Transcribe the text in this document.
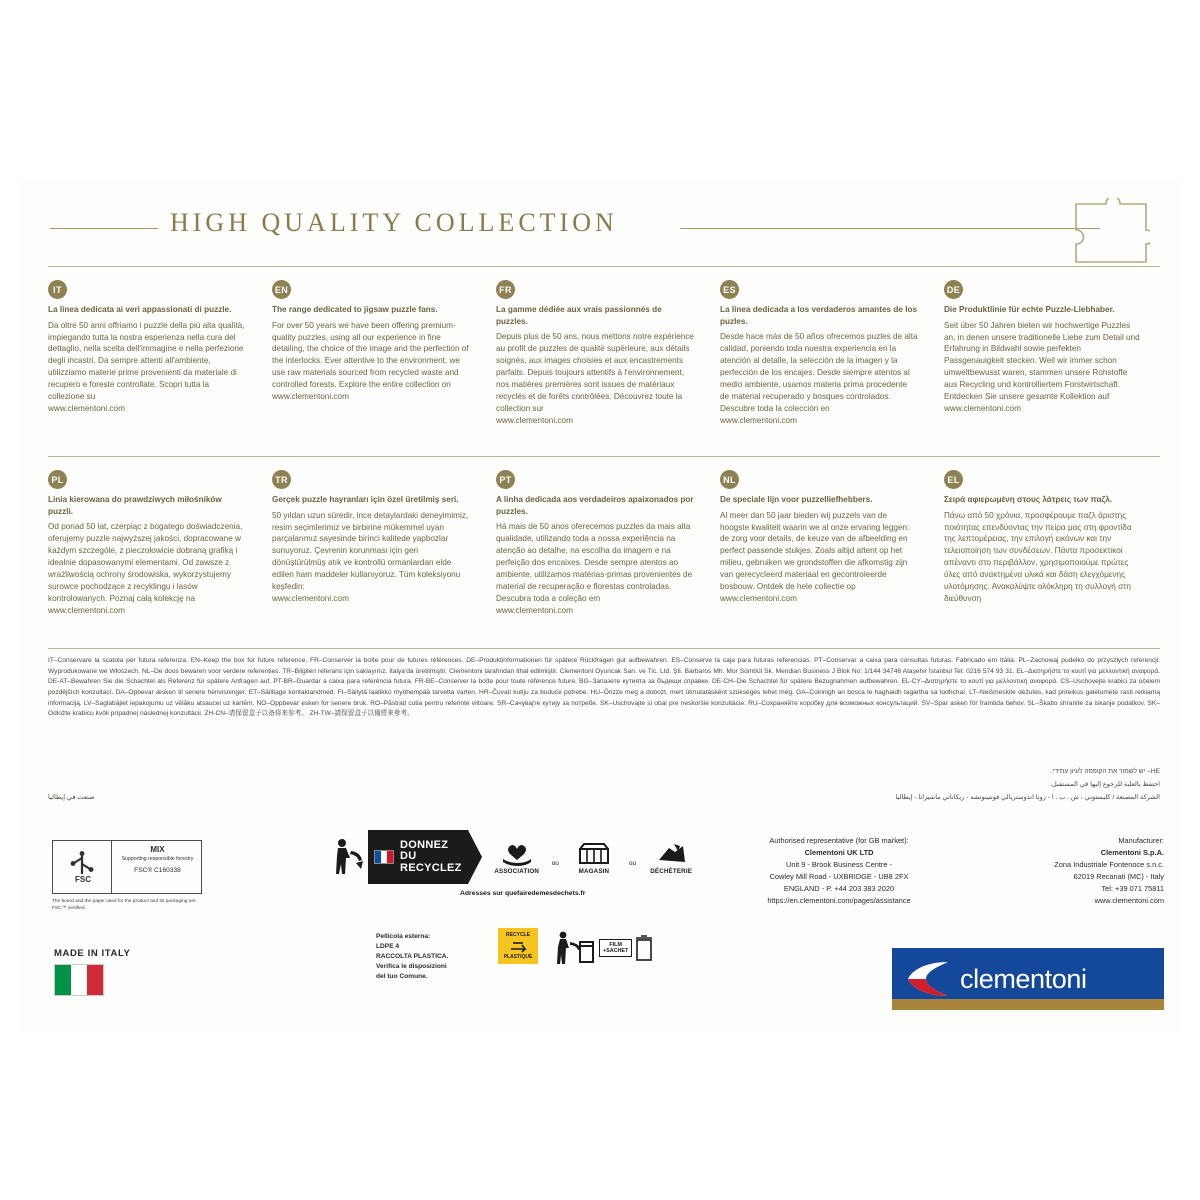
HIGH QUALITY COLLECTION
IT
La linea dedicata ai veri appassionati di puzzle.
Da oltre 50 anni offriamo i puzzle della più alta qualità, impiegando tutta la nostra esperienza nella cura del dettaglio, nella scelta dell'immagine e nella perfezione degli incastri. Da sempre attenti all'ambiente, utilizziamo materie prime provenienti da materiale di recupero e foreste controllate. Scopri tutta la collezione su
www.clementoni.com
EN
The range dedicated to jigsaw puzzle fans.
For over 50 years we have been offering premium-quality puzzles, using all our experience in fine detailing, the choice of the image and the perfection of the interlocks. Ever attentive to the environment, we use raw materials sourced from recycled waste and controlled forests. Explore the entire collection on
www.clementoni.com
FR
La gamme dédiée aux vrais passionnés de puzzles.
Depuis plus de 50 ans, nous mettons notre expérience au profit de puzzles de qualité supérieure, aux détails soignés, aux images choisies et aux encastrements parfaits. Depuis toujours attentifs à l'environnement, nos matières premières sont issues de matériaux recyclés et de forêts contrôlées. Découvrez toute la collection sur
www.clementoni.com
ES
La linea dedicada a los verdaderos amantes de los puzles.
Desde hace más de 50 años ofrecemos puzles de alta calidad, poniendo toda nuestra experiencia en la atención al detalle, la selección de la imagen y la perfección de los encajes. Desde siempre atentos al medio ambiente, usamos materia prima procedente de material recuperado y bosques controlados. Descubre toda la colección en
www.clementoni.com
DE
Die Produktlinie für echte Puzzle-Liebhaber.
Seit über 50 Jahren bieten wir hochwertige Puzzles an, in denen unsere traditionelle Liebe zum Detail und Erfahrung in Bildwahl sowie perfekten Passgenauigkeit stecken. Weil wir immer schon umweltbewusst waren, stammen unsere Rohstoffe aus Recycling und kontrolliertem Forstwirtschaft. Entdecken Sie unsere gesamte Kollektion auf
www.clementoni.com
PL
Linia kierowana do prawdziwych miłośników puzzli.
Od ponad 50 lat, czerpiąc z bogatego doświadczenia, oferujemy puzzle najwyższej jakości, dopracowane w każdym szczególe, z pieczołowicie dobraną grafiką i idealnie dopasowanymi elementami. Od zawsze z wrażliwością ochrony środowiska, wykorzystujemy surowce pochodzące z recyklingu i lasów kontrolowanych. Poznaj całą kolekcję na
www.clementoni.com
TR
Gerçek puzzle hayranları için özel üretilmiş seri.
50 yıldan uzun süredir, ince detaylardaki deneyimimiz, resim seçimlerimiz ve birbirine mükemmel uyan parçalarımız sayesinde birinci kalitede yapbozlar sunuyoruz. Çevrenin korunması için geri dönüştürülmüş atık ve kontrollü ormanlardan elde edilen ham maddeler kullanıyoruz. Tüm koleksiyonu keşfedin:
www.clementoni.com
PT
A linha dedicada aos verdadeiros apaixonados por puzzles.
Há mais de 50 anos oferecemos puzzles da mais alta qualidade, utilizando toda a nossa experiência na atenção ao detalhe, na escolha da imagem e na perfeição dos encaixes. Desde sempre atentos ao ambiente, utilizamos matérias-primas provenientes de material de recuperação e florestas controladas. Descubra toda a coleção em
www.clementoni.com
NL
De speciale lijn voor puzzelliefhebbers.
Al meer dan 50 jaar bieden wij puzzels van de hoogste kwaliteit waarin we al onze ervaring leggen: de zorg voor details, de keuze van de afbeelding en perfect passende stukjes. Zoals altijd attent op het milieu, gebruiken we grondstoffen die afkomstig zijn van gerecycleerd materiaal en gecontroleerde bosbouw. Ontdek de hele collectie op
www.clementoni.com
EL
Σειρά αφιερωμένη στους λάτρεις των παζλ.
Πάνω από 50 χρόνια, προσφέρουμε παζλ άριστης ποιότητας επενδύοντας την πείρα μας στη φροντίδα της λεπτομέρειας, την επιλογή εικόνων και την τελειοποίηση των συνδέσεων. Πάντα προσεκτικοί απέναντι στο περιβάλλον, χρησιμοποιούμε πρώτες ύλες από ανακτημένα υλικά και δάση ελεγχόμενης υλοτόμησης. Ανακαλύψτε ολόκληρη τη συλλογή στη διεύθυνση
IT–Conservare la scatola per futura referenza. EN–Keep the box for future reference. FR–Conserver la boîte pour de futures références. DE–Produktinformationen für spätere Rückfragen gut aufbewahren. ES–Conserve la caja para futuras referencias. PT–Conservar a caixa para consultas futuras. Fabricado em Itália. PL–Zachowaj pudełko do przyszłych referencji. Wyprodukowane we Włoszech. NL–De doos bewaren voor verdere referenties. TR–Bilgileri referans için saklayınız. İtalya'da üretilmiştir. Clementoni tarafından ithal edilmiştir. Clementoni Oyuncak San. ve Tic. Ltd. Şti. Barbaros Mh. Mor Sümbül Sk. Meridian Business J Blok No: 1/144 34746 Ataşehir İstanbul Tel: 0216 574 93 31. EL–Διατηρήστε το κουτί για μελλοντική αναφορά. DE-AT–Bewahren Sie die Schachtel als Referenz für spätere Anfragen auf. PT-BR–Guardar a caixa para referência futura. FR-BE–Conserver la boîte pour toute référence future. BG–Запазете кутията за бъдещи справки. DE-CH–Die Schachtel für spätere Bezugnahmen aufbewahren. EL-CY–Διατηρήστε το κουτί για μελλοντική αναφορά. CS–Uschovejte krabici za účelem pozdějších konzultací. DA–Opbevar æsken til senere henvisninger. ET–Säilitage kontaktandmed. FI–Säilytä laatikko myöhempää tarvetta varten. HR–Čuvati kutiju za buduće potrebe. HU–Őrizze meg a dobozt, mert útmutatásként szükséges lehet még. GA–Coinnigh an bosca le haghaidh tagartha sa todhchaí. LT–Neišmeskite dėžutės, kad prireikus galėtumėte rasti reikiamą informaciją. LV–Saglabājiet iepakojumu uz vēlāku atsaucei uz kartēm. NO–Oppbevar esken for senere bruk. RO–Păstrați cutia pentru referințe viitoare. SR–Сачувајте кутију за потребе. SK–Uschovajte si obal pre neskoršie konzultácie. RU–Сохраняйте коробку для возможных консультаций. SV–Spar asken för framtida behov. SL–Škatlo shranite za iskanje podatkov. SK–Odložte krabicu kvôli prípadnej následnej konzultácii. ZH-CN–请保留盒子以备将来参考。 ZH-TW–請保留盒子以備將來參考。
HE– יש לשמור את הקופסה לעיון עתידי.
احتفظ بالعلبة للرجوع إليها في المستقبل.
الشركة المصنعة / كليمنتوني ، ش . ب . ا - زونا اندوستريالي فونتينوتشه - ريكاناتي ماشيراتا - إيطاليا
صنعت في إيطاليا
FSC
MIX
Supporting responsible forestry
FSC® C160338
The board and the paper used for the product and its packaging are FSC™ certified.
MADE IN ITALY
DONNEZ
DU
RECYCLEZ	ASSOCIATION
ou
MAGASIN
ou
DÉCHÈTERIE
Adresses sur quefairedemesdechets.fr
Pellicola esterna:
LDPE 4
RACCOLTA PLASTICA.
Verifica le disposizioni
del tuo Comune.
RECYCLE
PLASTIQUE
FILM
+SACHET
Authorised representative (for GB market):
Clementoni UK LTD
Unit 9 - Brook Business Centre -
Cowley Mill Road - UXBRIDGE - UB8 2FX
ENGLAND - P. +44 203 383 2020
https://en.clementoni.com/pages/assistance
Manufacturer:
Clementoni S.p.A.
Zona Industriale Fontenoce s.n.c.
62019 Recanati (MC) - Italy
Tel: +39 071 75811
www.clementoni.com
clementoni
